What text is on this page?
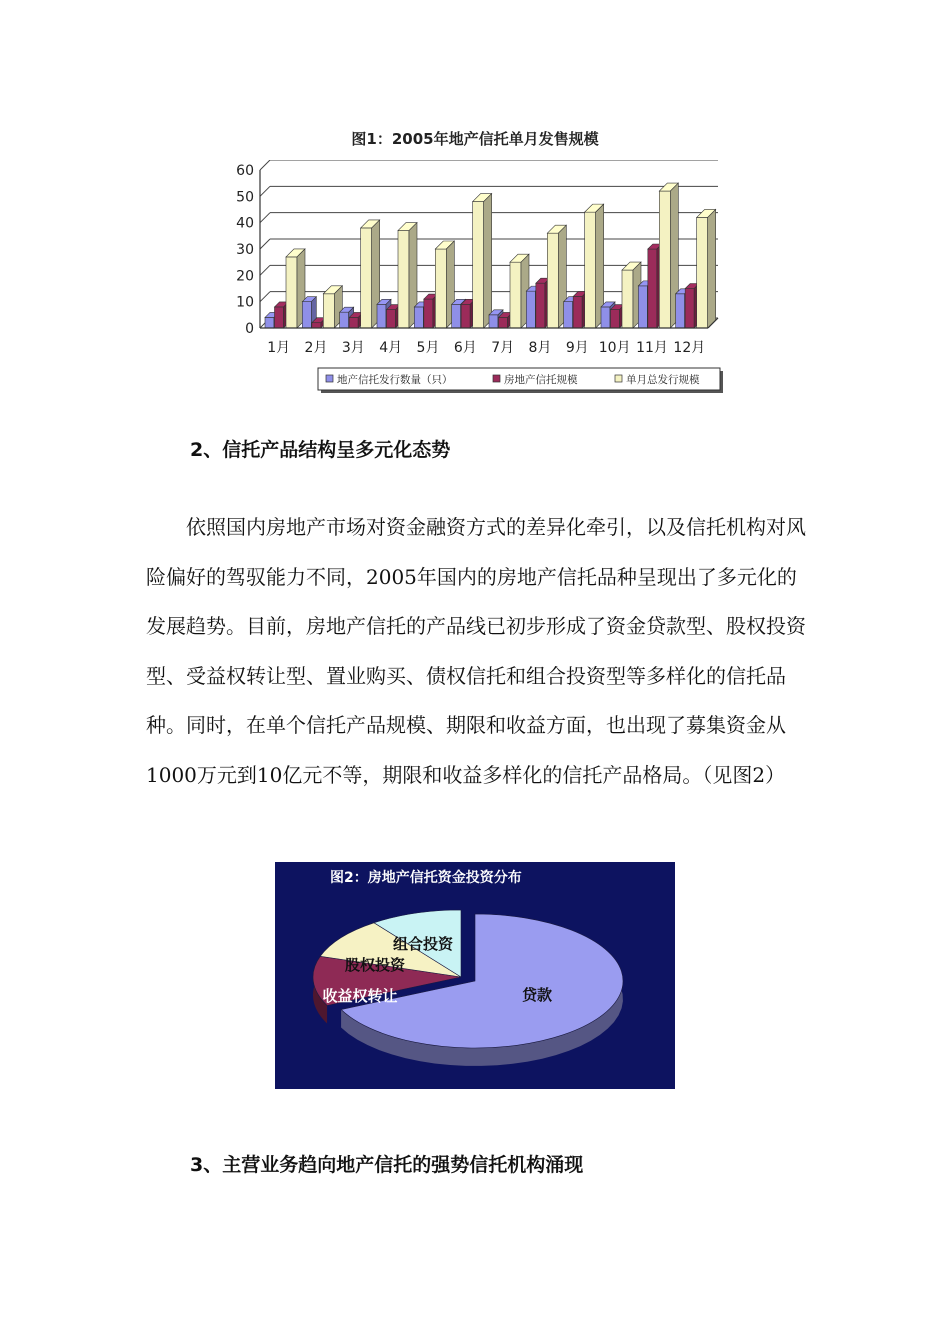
图1：2005年地产信托单月发售规模
0
10
20
30
40
50
60
1月 2月 3月 4月 5月 6月 7月 8月 9月 10月 11月 12月
地产信托发行数量（只）	房地产信托规模	单月总发行规模
2、信托产品结构呈多元化态势

依照国内房地产市场对资金融资方式的差异化牵引，以及信托机构对风险偏好的驾驭能力不同，2005年国内的房地产信托品种呈现出了多元化的发展趋势。目前，房地产信托的产品线已初步形成了资金贷款型、股权投资型、受益权转让型、置业购买、债权信托和组合投资型等多样化的信托品种。同时，在单个信托产品规模、期限和收益方面，也出现了募集资金从1000万元到10亿元不等，期限和收益多样化的信托产品格局。（见图2）

图2：房地产信托资金投资分布
贷款
收益权转让
股权投资
组合投资
3、主营业务趋向地产信托的强势信托机构涌现
